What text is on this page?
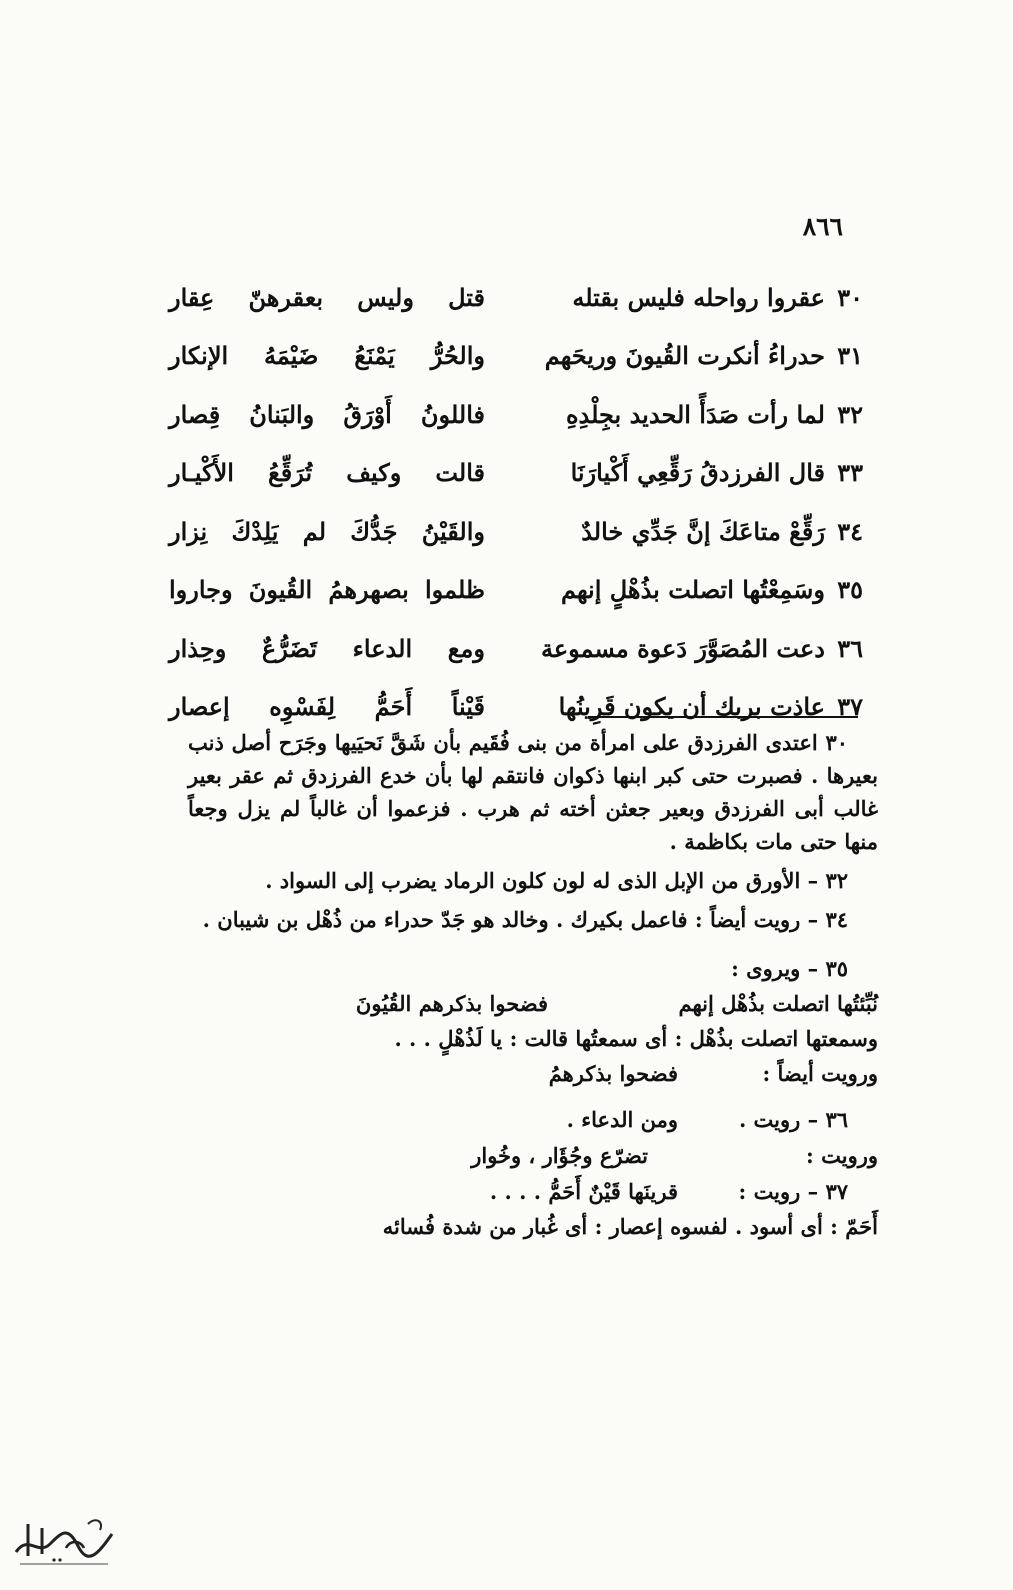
٨٦٦
٣٠
عقروا رواحله فليس بقتله
قتل وليس بعقرهنّ عِقار
٣١
حدراءُ أنكرت القُيونَ وريحَهم
والحُرُّ يَمْنَعُ ضَيْمَهُ الإنكار
٣٢
لما رأت صَدَأً الحديد بجِلْدِهِ
فاللونُ أَوْرَقُ والبَنانُ قِصار
٣٣
قال الفرزدقُ رَقِّعِي أَكْيارَنَا
قالت وكيف تُرَقِّعُ الأَكْيـار
٣٤
رَقِّعْ متاعَكَ إنَّ جَدِّي خالدٌ
والقَيْنُ جَدُّكَ لم يَلِدْكَ نِزار
٣٥
وسَمِعْتُها اتصلت بذُهْلٍ إنهم
ظلموا بصهرهمُ القُيونَ وجاروا
٣٦
دعت المُصَوَّرَ دَعوة مسموعة
ومع الدعاء تَضَرُّعٌ وحِذار
٣٧
عاذت بربك أن يكون قَرِينُها
قَيْناً أَحَمُّ لِفَسْوِه إعصار

٣٠ اعتدى الفرزدق على امرأة من بنى فُقَيم بأن شَقَّ نَحيَيها وجَرَح أصل ذنب بعيرها . فصبرت حتى كبر ابنها ذكوان فانتقم لها بأن خدع الفرزدق ثم عقر بعير غالب أبى الفرزدق وبعير جعثن أخته ثم هرب . فزعموا أن غالباً لم يزل وجعاً منها حتى مات بكاظمة .

٣٢ – الأورق من الإبل الذى له لون كلون الرماد يضرب إلى السواد .

٣٤ – رويت أيضاً : فاعمل بكيرك . وخالد هو جَدّ حدراء من ذُهْل بن شيبان .

٣٥ – ويروى :
نُبِّئتُها اتصلت بذُهْل إنهم
فضحوا بذكرهم القُيُونَ
وسمعتها اتصلت بذُهْل : أى سمعتُها قالت : يا لَذُهْلٍ . . .
ورويت أيضاً :
فضحوا بذكرهمُ
٣٦ – رويت .
ومن الدعاء .
ورويت :
تضرّع وجُؤَار ، وخُوار
٣٧ – رويت :
قرينَها قَيْنٌ أَحَمُّ . . . .
أَحَمّ : أى أسود . لفسوه إعصار : أى غُبار من شدة فُسائه
